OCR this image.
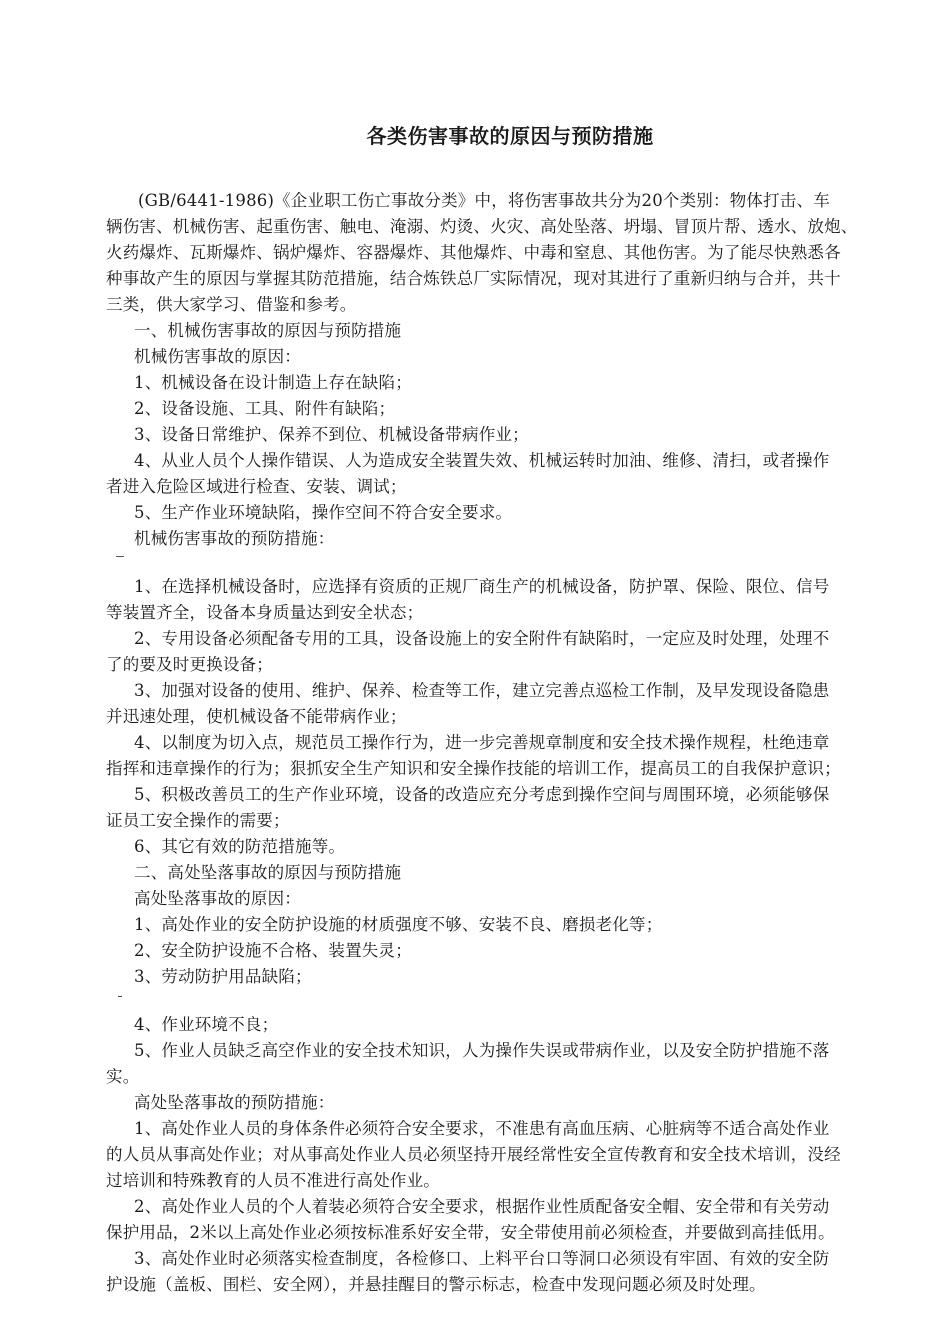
各类伤害事故的原因与预防措施
(GB/6441-1986)《企业职工伤亡事故分类》中，将伤害事故共分为20个类别：物体打击、车
辆伤害、机械伤害、起重伤害、触电、淹溺、灼烫、火灾、高处坠落、坍塌、冒顶片帮、透水、放炮、
火药爆炸、瓦斯爆炸、锅炉爆炸、容器爆炸、其他爆炸、中毒和窒息、其他伤害。为了能尽快熟悉各
种事故产生的原因与掌握其防范措施，结合炼铁总厂实际情况，现对其进行了重新归纳与合并，共十
三类，供大家学习、借鉴和参考。
一、机械伤害事故的原因与预防措施
机械伤害事故的原因：
1、机械设备在设计制造上存在缺陷；
2、设备设施、工具、附件有缺陷；
3、设备日常维护、保养不到位、机械设备带病作业；
4、从业人员个人操作错误、人为造成安全装置失效、机械运转时加油、维修、清扫，或者操作
者进入危险区域进行检查、安装、调试；
5、生产作业环境缺陷，操作空间不符合安全要求。
机械伤害事故的预防措施：
1、在选择机械设备时，应选择有资质的正规厂商生产的机械设备，防护罩、保险、限位、信号
等装置齐全，设备本身质量达到安全状态；
2、专用设备必须配备专用的工具，设备设施上的安全附件有缺陷时，一定应及时处理，处理不
了的要及时更换设备；
3、加强对设备的使用、维护、保养、检查等工作，建立完善点巡检工作制，及早发现设备隐患
并迅速处理，使机械设备不能带病作业；
4、以制度为切入点，规范员工操作行为，进一步完善规章制度和安全技术操作规程，杜绝违章
指挥和违章操作的行为；狠抓安全生产知识和安全操作技能的培训工作，提高员工的自我保护意识；
5、积极改善员工的生产作业环境，设备的改造应充分考虑到操作空间与周围环境，必须能够保
证员工安全操作的需要；
6、其它有效的防范措施等。
二、高处坠落事故的原因与预防措施
高处坠落事故的原因：
1、高处作业的安全防护设施的材质强度不够、安装不良、磨损老化等；
2、安全防护设施不合格、装置失灵；
3、劳动防护用品缺陷；
4、作业环境不良；
5、作业人员缺乏高空作业的安全技术知识，人为操作失误或带病作业，以及安全防护措施不落
实。
高处坠落事故的预防措施：
1、高处作业人员的身体条件必须符合安全要求，不准患有高血压病、心脏病等不适合高处作业
的人员从事高处作业；对从事高处作业人员必须坚持开展经常性安全宣传教育和安全技术培训，没经
过培训和特殊教育的人员不准进行高处作业。
2、高处作业人员的个人着装必须符合安全要求，根据作业性质配备安全帽、安全带和有关劳动
保护用品，2米以上高处作业必须按标准系好安全带，安全带使用前必须检查，并要做到高挂低用。
3、高处作业时必须落实检查制度，各检修口、上料平台口等洞口必须设有牢固、有效的安全防
护设施（盖板、围栏、安全网），并悬挂醒目的警示标志，检查中发现问题必须及时处理。
